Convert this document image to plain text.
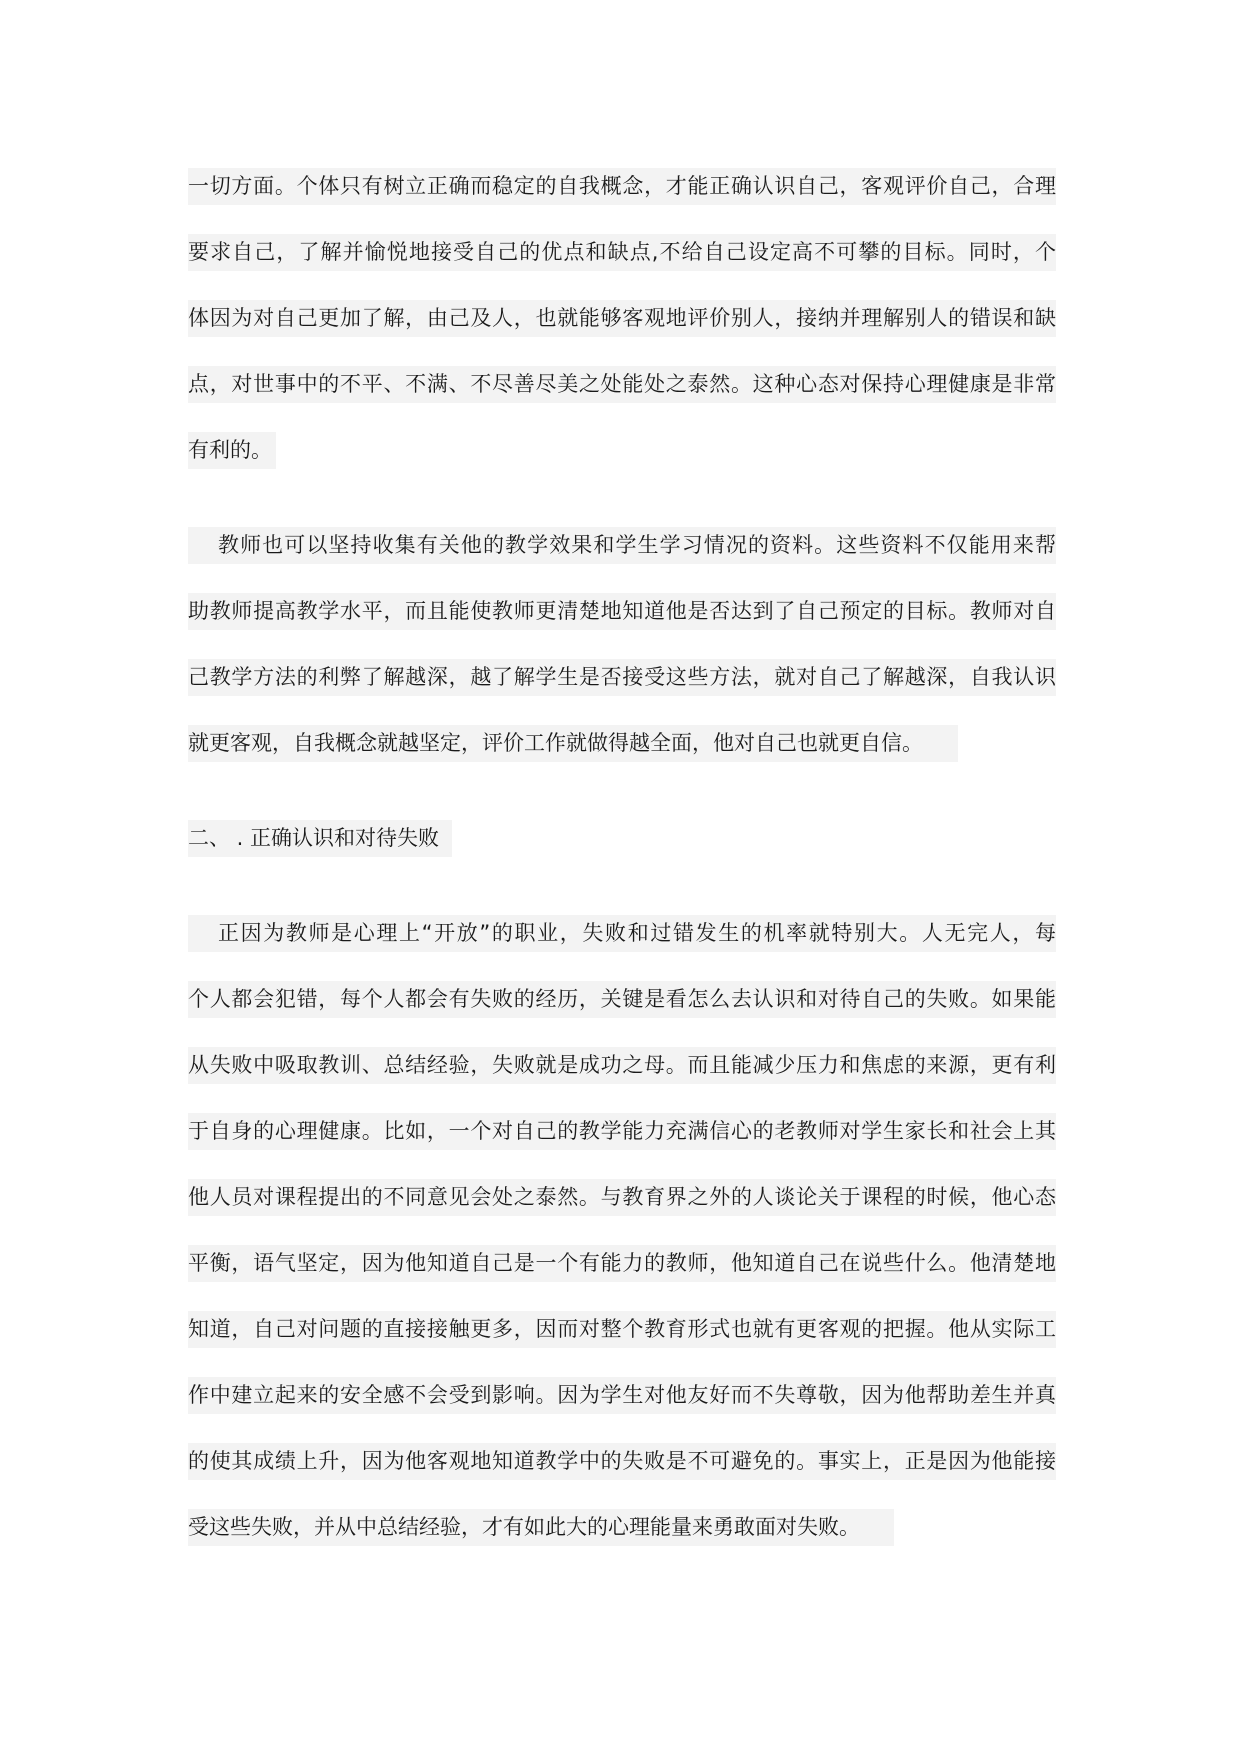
一切方面。个体只有树立正确而稳定的自我概念，才能正确认识自己，客观评价自己，合理
要求自己，了解并愉悦地接受自己的优点和缺点,不给自己设定高不可攀的目标。同时，个
体因为对自己更加了解，由己及人，也就能够客观地评价别人，接纳并理解别人的错误和缺
点，对世事中的不平、不满、不尽善尽美之处能处之泰然。这种心态对保持心理健康是非常
有利的。
教师也可以坚持收集有关他的教学效果和学生学习情况的资料。这些资料不仅能用来帮
助教师提高教学水平，而且能使教师更清楚地知道他是否达到了自己预定的目标。教师对自
己教学方法的利弊了解越深，越了解学生是否接受这些方法，就对自己了解越深，自我认识
就更客观，自我概念就越坚定，评价工作就做得越全面，他对自己也就更自信。
二、 . 正确认识和对待失败
正因为教师是心理上“开放”的职业，失败和过错发生的机率就特别大。人无完人，每
个人都会犯错，每个人都会有失败的经历，关键是看怎么去认识和对待自己的失败。如果能
从失败中吸取教训、总结经验，失败就是成功之母。而且能减少压力和焦虑的来源，更有利
于自身的心理健康。比如，一个对自己的教学能力充满信心的老教师对学生家长和社会上其
他人员对课程提出的不同意见会处之泰然。与教育界之外的人谈论关于课程的时候，他心态
平衡，语气坚定，因为他知道自己是一个有能力的教师，他知道自己在说些什么。他清楚地
知道，自己对问题的直接接触更多，因而对整个教育形式也就有更客观的把握。他从实际工
作中建立起来的安全感不会受到影响。因为学生对他友好而不失尊敬，因为他帮助差生并真
的使其成绩上升，因为他客观地知道教学中的失败是不可避免的。事实上，正是因为他能接
受这些失败，并从中总结经验，才有如此大的心理能量来勇敢面对失败。
